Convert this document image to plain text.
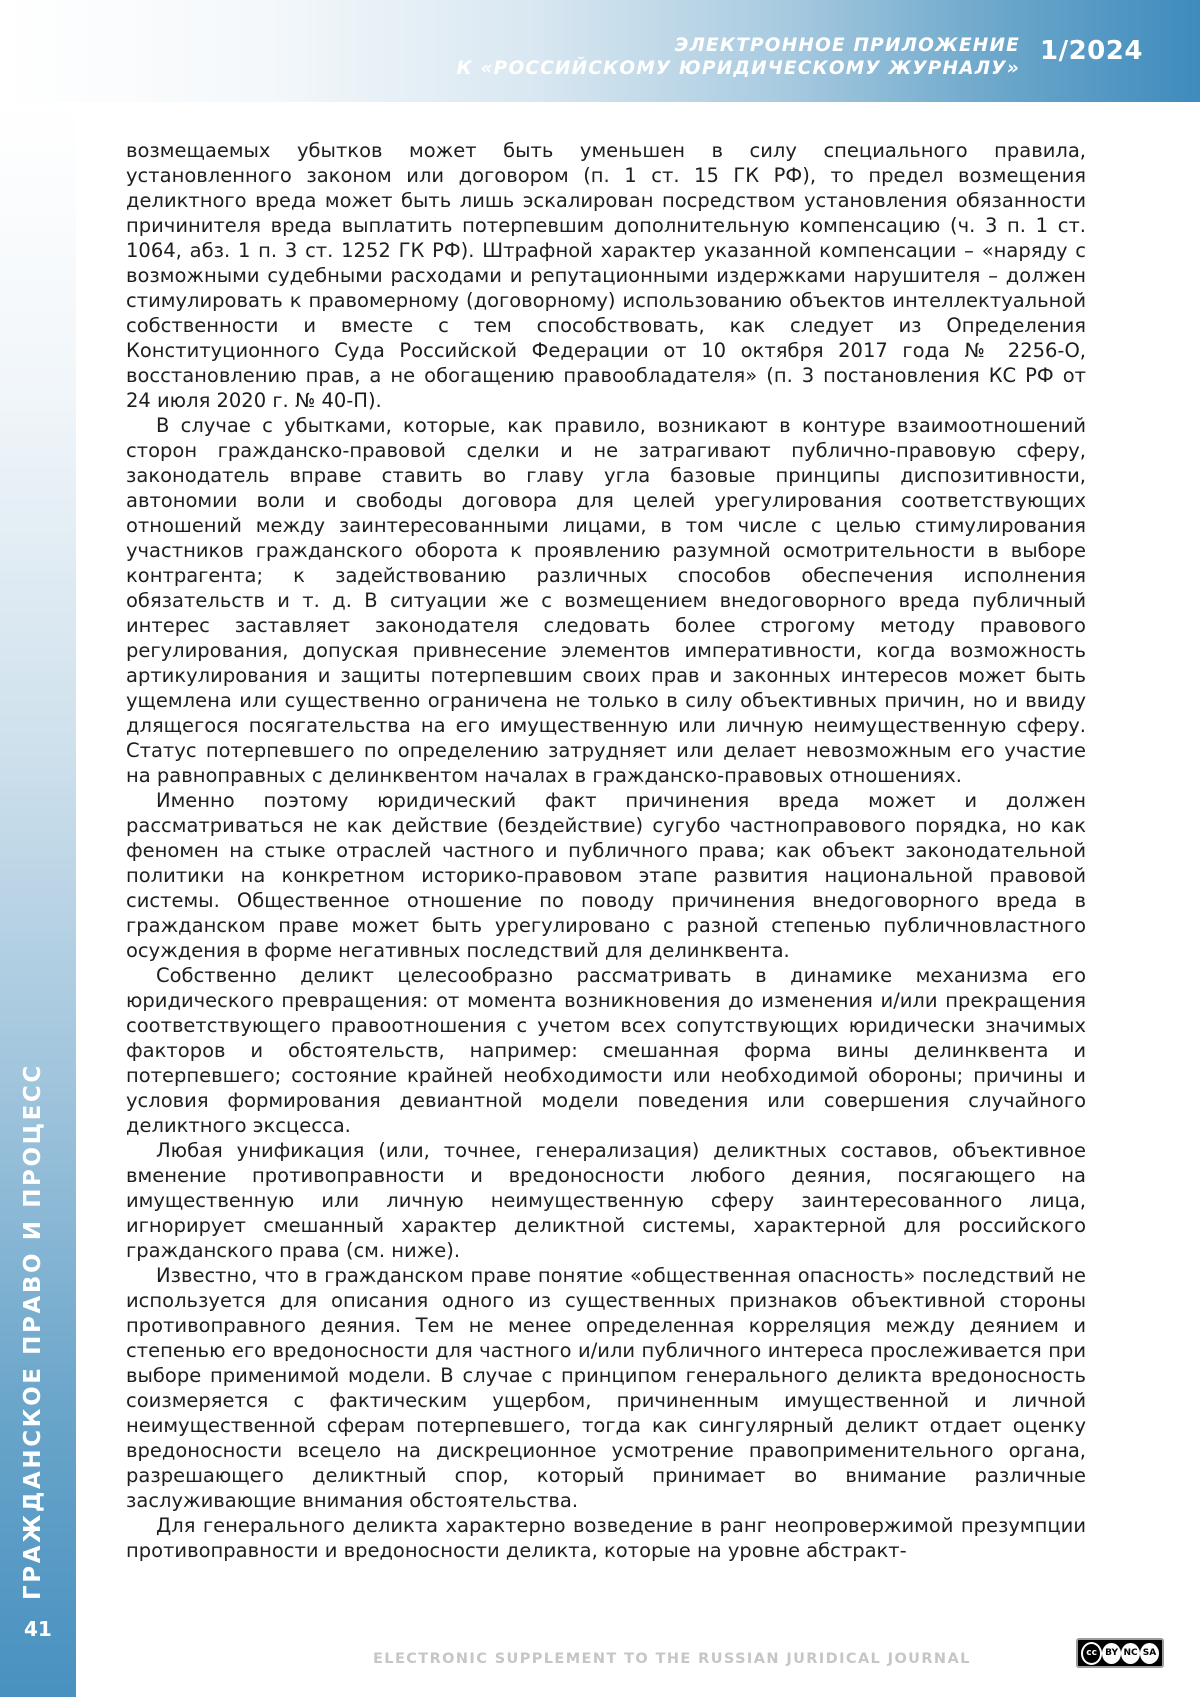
ЭЛЕКТРОННОЕ ПРИЛОЖЕНИЕ
К «РОССИЙСКОМУ ЮРИДИЧЕСКОМУ ЖУРНАЛУ»
1/2024
ГРАЖДАНСКОЕ ПРАВО И ПРОЦЕСС
41

возмещаемых убытков может быть уменьшен в силу специального правила, установленного законом или договором (п. 1 ст. 15 ГК РФ), то предел возмещения деликтного вреда может быть лишь эскалирован посредством установления обязанности причинителя вреда выплатить потерпевшим дополнительную компенсацию (ч. 3 п. 1 ст. 1064, абз. 1 п. 3 ст. 1252 ГК РФ). Штрафной характер указанной компенсации – «наряду с возможными судебными расходами и репутационными издержками нарушителя – должен стимулировать к правомерному (договорному) использованию объектов интеллектуальной собственности и вместе с тем способствовать, как следует из Определения Конституционного Суда Российской Федерации от 10 октября 2017 года № 2256-О, восстановлению прав, а не обогащению правообладателя» (п. 3 постановления КС РФ от 24 июля 2020 г. № 40-П).

В случае с убытками, которые, как правило, возникают в контуре взаимоотношений сторон гражданско-правовой сделки и не затрагивают публично-правовую сферу, законодатель вправе ставить во главу угла базовые принципы диспозитивности, автономии воли и свободы договора для целей урегулирования соответствующих отношений между заинтересованными лицами, в том числе с целью стимулирования участников гражданского оборота к проявлению разумной осмотрительности в выборе контрагента; к задействованию различных способов обеспечения исполнения обязательств и т. д. В ситуации же с возмещением внедоговорного вреда публичный интерес заставляет законодателя следовать более строгому методу правового регулирования, допуская привнесение элементов императивности, когда возможность артикулирования и защиты потерпевшим своих прав и законных интересов может быть ущемлена или существенно ограничена не только в силу объективных причин, но и ввиду длящегося посягательства на его имущественную или личную неимущественную сферу. Статус потерпевшего по определению затрудняет или делает невозможным его участие на равноправных с делинквентом началах в гражданско-правовых отношениях.

Именно поэтому юридический факт причинения вреда может и должен рассматриваться не как действие (бездействие) сугубо частноправового порядка, но как феномен на стыке отраслей частного и публичного права; как объект законодательной политики на конкретном историко-правовом этапе развития национальной правовой системы. Общественное отношение по поводу причинения внедоговорного вреда в гражданском праве может быть урегулировано с разной степенью публичновластного осуждения в форме негативных последствий для делинквента.

Собственно деликт целесообразно рассматривать в динамике механизма его юридического превращения: от момента возникновения до изменения и/или прекращения соответствующего правоотношения с учетом всех сопутствующих юридически значимых факторов и обстоятельств, например: смешанная форма вины делинквента и потерпевшего; состояние крайней необходимости или необходимой обороны; причины и условия формирования девиантной модели поведения или совершения случайного деликтного эксцесса.

Любая унификация (или, точнее, генерализация) деликтных составов, объективное вменение противоправности и вредоносности любого деяния, посягающего на имущественную или личную неимущественную сферу заинтересованного лица, игнорирует смешанный характер деликтной системы, характерной для российского гражданского права (см. ниже).

Известно, что в гражданском праве понятие «общественная опасность» последствий не используется для описания одного из существенных признаков объективной стороны противоправного деяния. Тем не менее определенная корреляция между деянием и степенью его вредоносности для частного и/или публичного интереса прослеживается при выборе применимой модели. В случае с принципом генерального деликта вредоносность соизмеряется с фактическим ущербом, причиненным имущественной и личной неимущественной сферам потерпевшего, тогда как сингулярный деликт отдает оценку вредоносности всецело на дискреционное усмотрение правоприменительного органа, разрешающего деликтный спор, который принимает во внимание различные заслуживающие внимания обстоятельства.

Для генерального деликта характерно возведение в ранг неопровержимой презумпции противоправности и вредоносности деликта, которые на уровне абстракт-

ELECTRONIC SUPPLEMENT TO THE RUSSIAN JURIDICAL JOURNAL	cc BY NC SA
